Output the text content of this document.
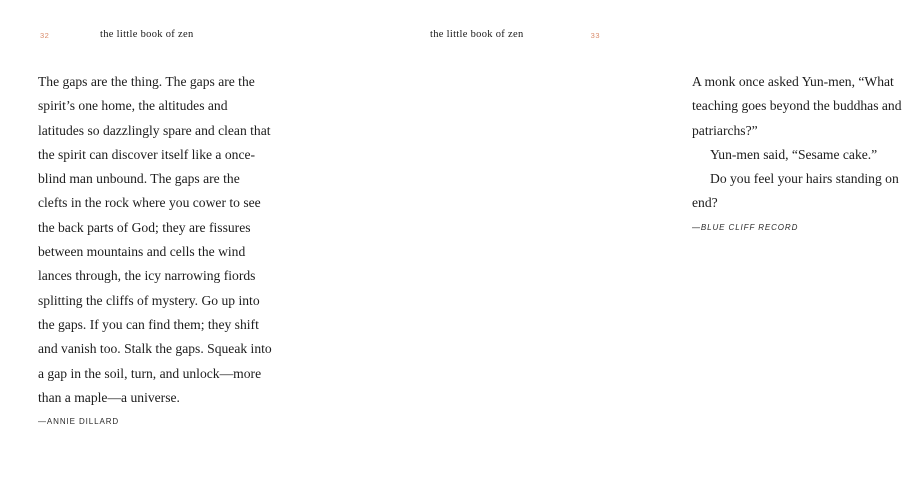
32	the little book of zen

The gaps are the thing. The gaps are the spirit’s one home, the altitudes and latitudes so dazzlingly spare and clean that the spirit can discover itself like a once-blind man unbound. The gaps are the clefts in the rock where you cower to see the back parts of God; they are fissures between mountains and cells the wind lances through, the icy narrowing fiords splitting the cliffs of mystery. Go up into the gaps. If you can find them; they shift and vanish too. Stalk the gaps. Squeak into a gap in the soil, turn, and unlock—more than a maple—a universe.

—ANNIE DILLARD

the little book of zen	33

A monk once asked Yun-men, “What teaching goes beyond the buddhas and patriarchs?”

Yun-men said, “Sesame cake.”

Do you feel your hairs standing on end?

—BLUE CLIFF RECORD
